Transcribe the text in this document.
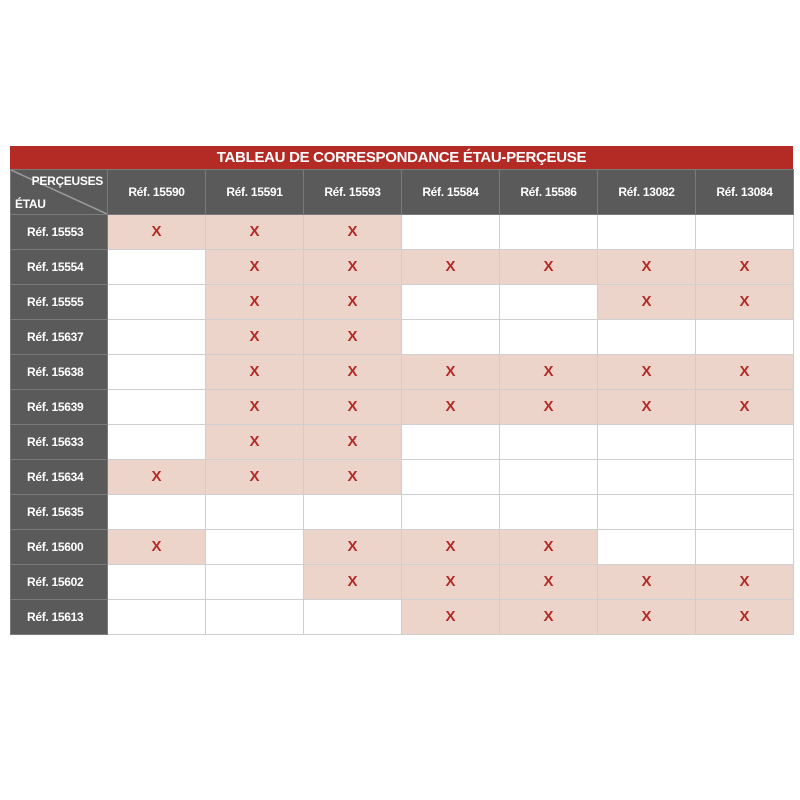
TABLEAU DE CORRESPONDANCE ÉTAU-PERÇEUSE
PERÇEUSES
ÉTAU	Réf. 15590	Réf. 15591	Réf. 15593	Réf. 15584	Réf. 15586	Réf. 13082	Réf. 13084
Réf. 15553	X	X	X				
Réf. 15554		X	X	X	X	X	X
Réf. 15555		X	X			X	X
Réf. 15637		X	X				
Réf. 15638		X	X	X	X	X	X
Réf. 15639		X	X	X	X	X	X
Réf. 15633		X	X				
Réf. 15634	X	X	X				
Réf. 15635							
Réf. 15600	X		X	X	X		
Réf. 15602			X	X	X	X	X
Réf. 15613				X	X	X	X
